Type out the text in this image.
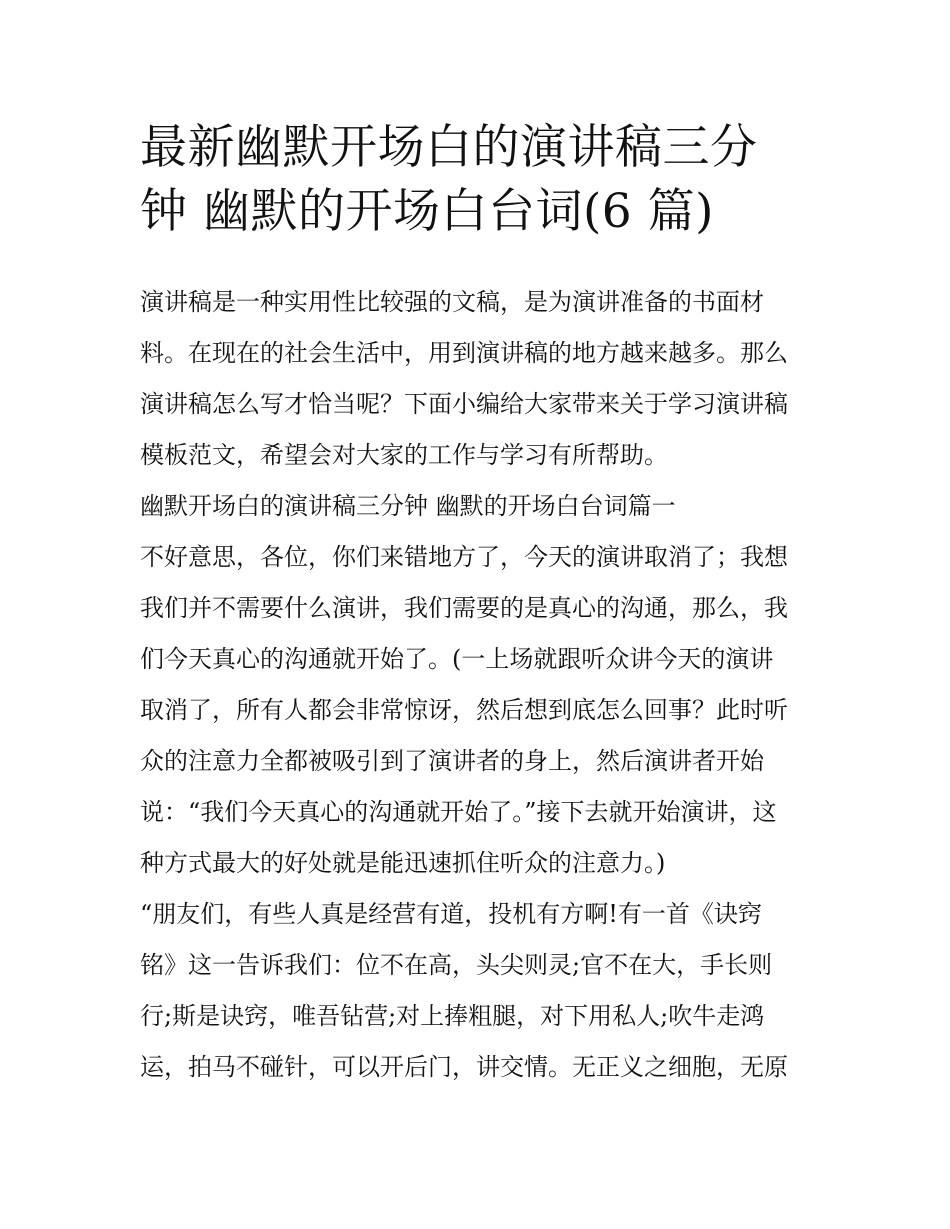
最新幽默开场白的演讲稿三分
钟 幽默的开场白台词(6 篇)
演讲稿是一种实用性比较强的文稿，是为演讲准备的书面材
料。在现在的社会生活中，用到演讲稿的地方越来越多。那么
演讲稿怎么写才恰当呢？下面小编给大家带来关于学习演讲稿
模板范文，希望会对大家的工作与学习有所帮助。
幽默开场白的演讲稿三分钟 幽默的开场白台词篇一
不好意思，各位，你们来错地方了，今天的演讲取消了；我想
我们并不需要什么演讲，我们需要的是真心的沟通，那么，我
们今天真心的沟通就开始了。(一上场就跟听众讲今天的演讲
取消了，所有人都会非常惊讶，然后想到底怎么回事？此时听
众的注意力全都被吸引到了演讲者的身上，然后演讲者开始
说：“我们今天真心的沟通就开始了。”接下去就开始演讲，这
种方式最大的好处就是能迅速抓住听众的注意力。)
“朋友们，有些人真是经营有道，投机有方啊!有一首《诀窍
铭》这一告诉我们：位不在高，头尖则灵;官不在大，手长则
行;斯是诀窍，唯吾钻营;对上捧粗腿，对下用私人;吹牛走鸿
运，拍马不碰针，可以开后门，讲交情。无正义之细胞，无原
